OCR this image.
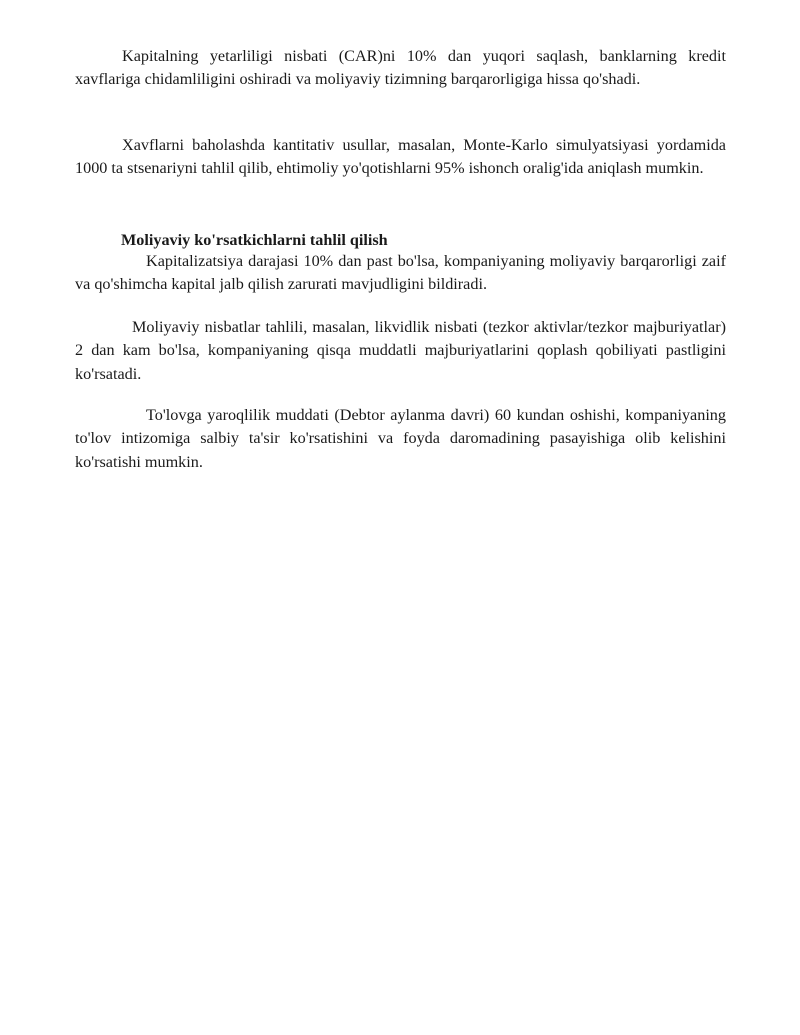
Kapitalning yetarliligi nisbati (CAR)ni 10% dan yuqori saqlash, banklarning kredit xavflariga chidamliligini oshiradi va moliyaviy tizimning barqarorligiga hissa qo'shadi.

Xavflarni baholashda kantitativ usullar, masalan, Monte-Karlo simulyatsiyasi yordamida 1000 ta stsenariyni tahlil qilib, ehtimoliy yo'qotishlarni 95% ishonch oralig'ida aniqlash mumkin.

Moliyaviy ko'rsatkichlarni tahlil qilish

Kapitalizatsiya darajasi 10% dan past bo'lsa, kompaniyaning moliyaviy barqarorligi zaif va qo'shimcha kapital jalb qilish zarurati mavjudligini bildiradi.

Moliyaviy nisbatlar tahlili, masalan, likvidlik nisbati (tezkor aktivlar/tezkor majburiyatlar) 2 dan kam bo'lsa, kompaniyaning qisqa muddatli majburiyatlarini qoplash qobiliyati pastligini ko'rsatadi.

To'lovga yaroqlilik muddati (Debtor aylanma davri) 60 kundan oshishi, kompaniyaning to'lov intizomiga salbiy ta'sir ko'rsatishini va foyda daromadining pasayishiga olib kelishini ko'rsatishi mumkin.
